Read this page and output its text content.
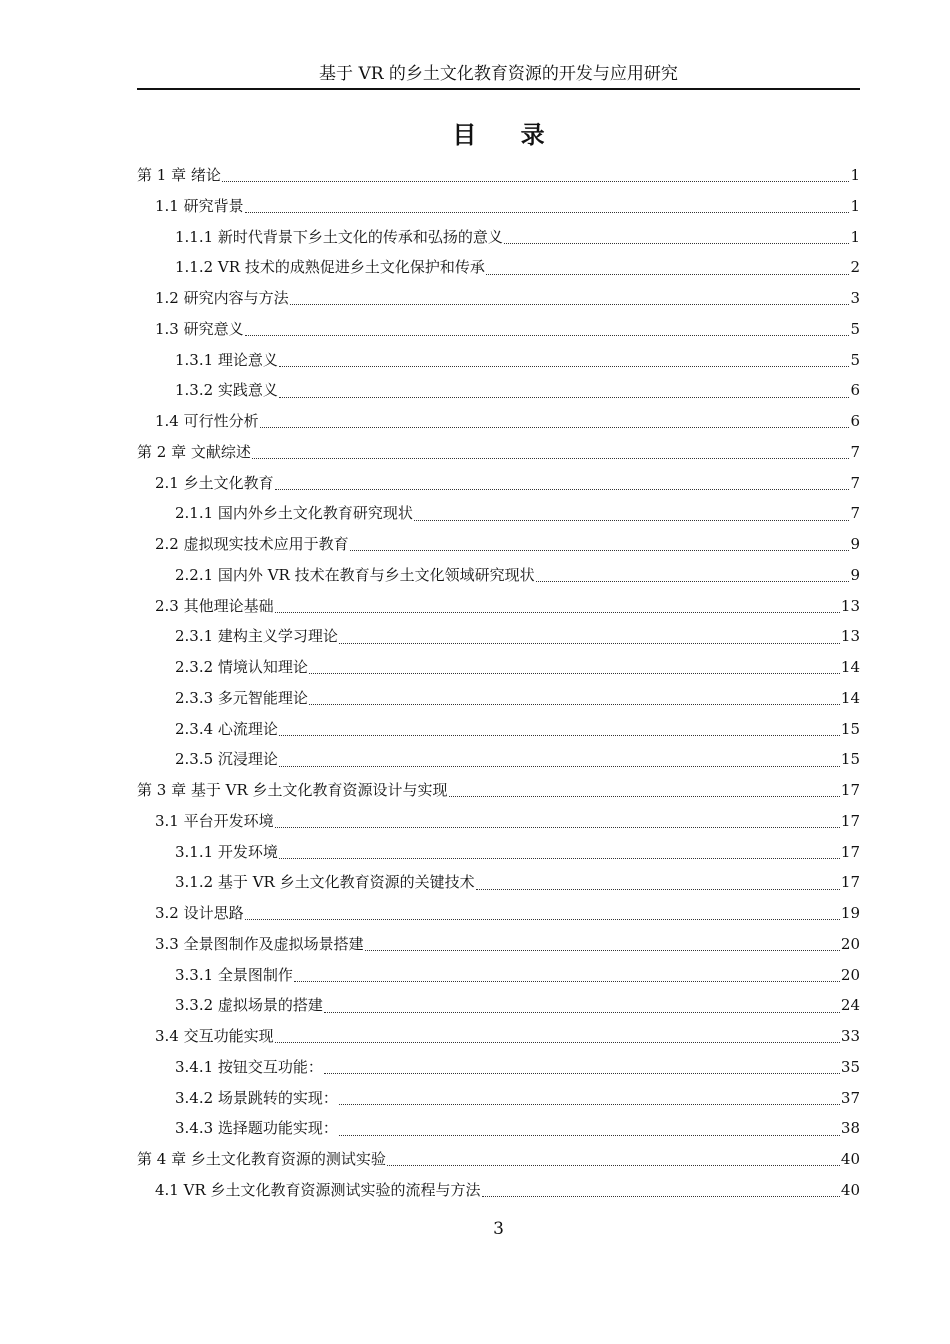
基于 VR 的乡土文化教育资源的开发与应用研究
目 录
第 1 章 绪论	1
1.1 研究背景	1
1.1.1 新时代背景下乡土文化的传承和弘扬的意义	1
1.1.2 VR 技术的成熟促进乡土文化保护和传承	2
1.2 研究内容与方法	3
1.3 研究意义	5
1.3.1 理论意义	5
1.3.2 实践意义	6
1.4 可行性分析	6
第 2 章 文献综述	7
2.1 乡土文化教育	7
2.1.1 国内外乡土文化教育研究现状	7
2.2 虚拟现实技术应用于教育	9
2.2.1 国内外 VR 技术在教育与乡土文化领域研究现状	9
2.3 其他理论基础	13
2.3.1 建构主义学习理论	13
2.3.2 情境认知理论	14
2.3.3 多元智能理论	14
2.3.4 心流理论	15
2.3.5 沉浸理论	15
第 3 章 基于 VR 乡土文化教育资源设计与实现	17
3.1 平台开发环境	17
3.1.1 开发环境	17
3.1.2 基于 VR 乡土文化教育资源的关键技术	17
3.2 设计思路	19
3.3 全景图制作及虚拟场景搭建	20
3.3.1 全景图制作	20
3.3.2 虚拟场景的搭建	24
3.4 交互功能实现	33
3.4.1 按钮交互功能：	35
3.4.2 场景跳转的实现：	37
3.4.3 选择题功能实现：	38
第 4 章 乡土文化教育资源的测试实验	40
4.1 VR 乡土文化教育资源测试实验的流程与方法	40
3
